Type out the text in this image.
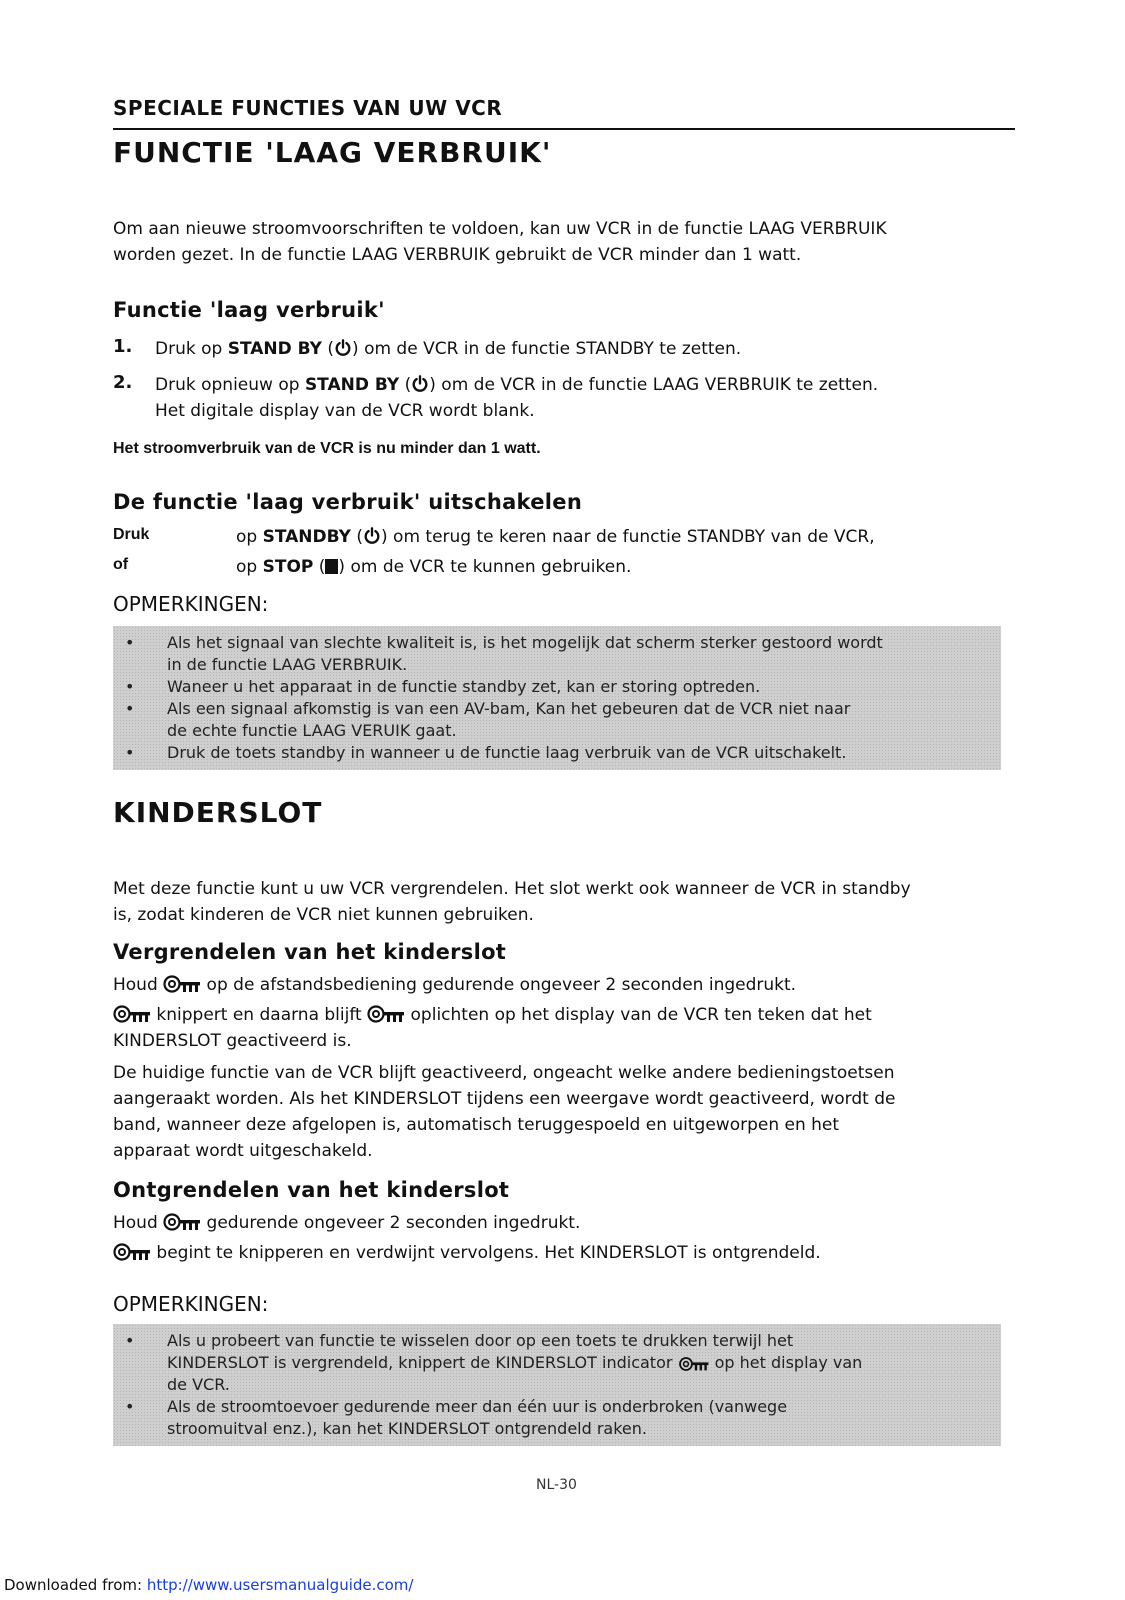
SPECIALE FUNCTIES VAN UW VCR
FUNCTIE 'LAAG VERBRUIK'
Om aan nieuwe stroomvoorschriften te voldoen, kan uw VCR in de functie LAAG VERBRUIK
worden gezet. In de functie LAAG VERBRUIK gebruikt de VCR minder dan 1 watt.
Functie 'laag verbruik'
1. Druk op STAND BY ( ) om de VCR in de functie STANDBY te zetten.
2. Druk opnieuw op STAND BY ( ) om de VCR in de functie LAAG VERBRUIK te zetten.
Het digitale display van de VCR wordt blank.
Het stroomverbruik van de VCR is nu minder dan 1 watt.
De functie 'laag verbruik' uitschakelen
Druk	op STANDBY ( ) om terug te keren naar de functie STANDBY van de VCR,
of	op STOP ( ) om de VCR te kunnen gebruiken.
OPMERKINGEN:
• Als het signaal van slechte kwaliteit is, is het mogelijk dat scherm sterker gestoord wordt
in de functie LAAG VERBRUIK.
• Waneer u het apparaat in de functie standby zet, kan er storing optreden.
• Als een signaal afkomstig is van een AV-bam, Kan het gebeuren dat de VCR niet naar
de echte functie LAAG VERUIK gaat.
• Druk de toets standby in wanneer u de functie laag verbruik van de VCR uitschakelt.
KINDERSLOT
Met deze functie kunt u uw VCR vergrendelen. Het slot werkt ook wanneer de VCR in standby
is, zodat kinderen de VCR niet kunnen gebruiken.
Vergrendelen van het kinderslot
Houd  op de afstandsbediening gedurende ongeveer 2 seconden ingedrukt.
knippert en daarna blijft  oplichten op het display van de VCR ten teken dat het
KINDERSLOT geactiveerd is.
De huidige functie van de VCR blijft geactiveerd, ongeacht welke andere bedieningstoetsen
aangeraakt worden. Als het KINDERSLOT tijdens een weergave wordt geactiveerd, wordt de
band, wanneer deze afgelopen is, automatisch teruggespoeld en uitgeworpen en het
apparaat wordt uitgeschakeld.
Ontgrendelen van het kinderslot
Houd  gedurende ongeveer 2 seconden ingedrukt.
begint te knipperen en verdwijnt vervolgens. Het KINDERSLOT is ontgrendeld.
OPMERKINGEN:
• Als u probeert van functie te wisselen door op een toets te drukken terwijl het
KINDERSLOT is vergrendeld, knippert de KINDERSLOT indicator  op het display van
de VCR.
• Als de stroomtoevoer gedurende meer dan één uur is onderbroken (vanwege
stroomuitval enz.), kan het KINDERSLOT ontgrendeld raken.
NL-30
Downloaded from: http://www.usersmanualguide.com/
